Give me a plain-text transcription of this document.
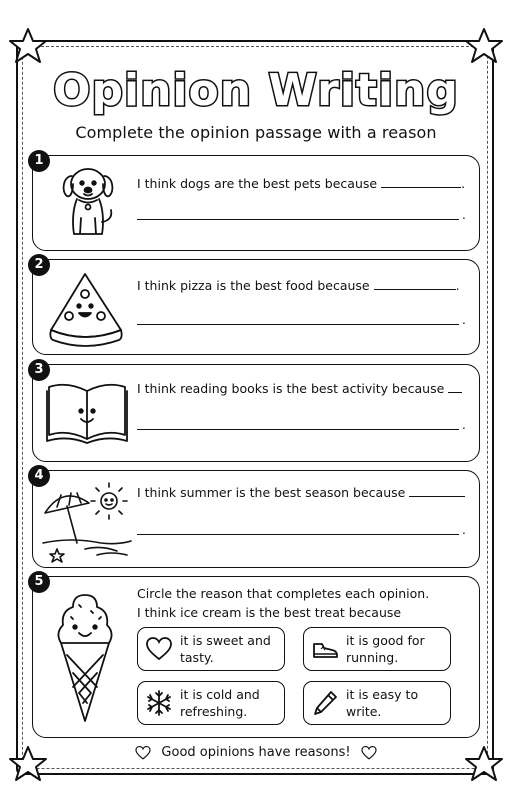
Opinion Writing
Complete the opinion passage with a reason
1
I think dogs are the best pets because	.
.
2
I think pizza is the best food because	.
.
3
I think reading books is the best activity because
.
4
I think summer is the best season because
.
5
Circle the reason that completes each opinion.
I think ice cream is the best treat because
it is sweet and
tasty.
it is good for
running.
it is cold and
refreshing.
it is easy to
write.
Good opinions have reasons!
